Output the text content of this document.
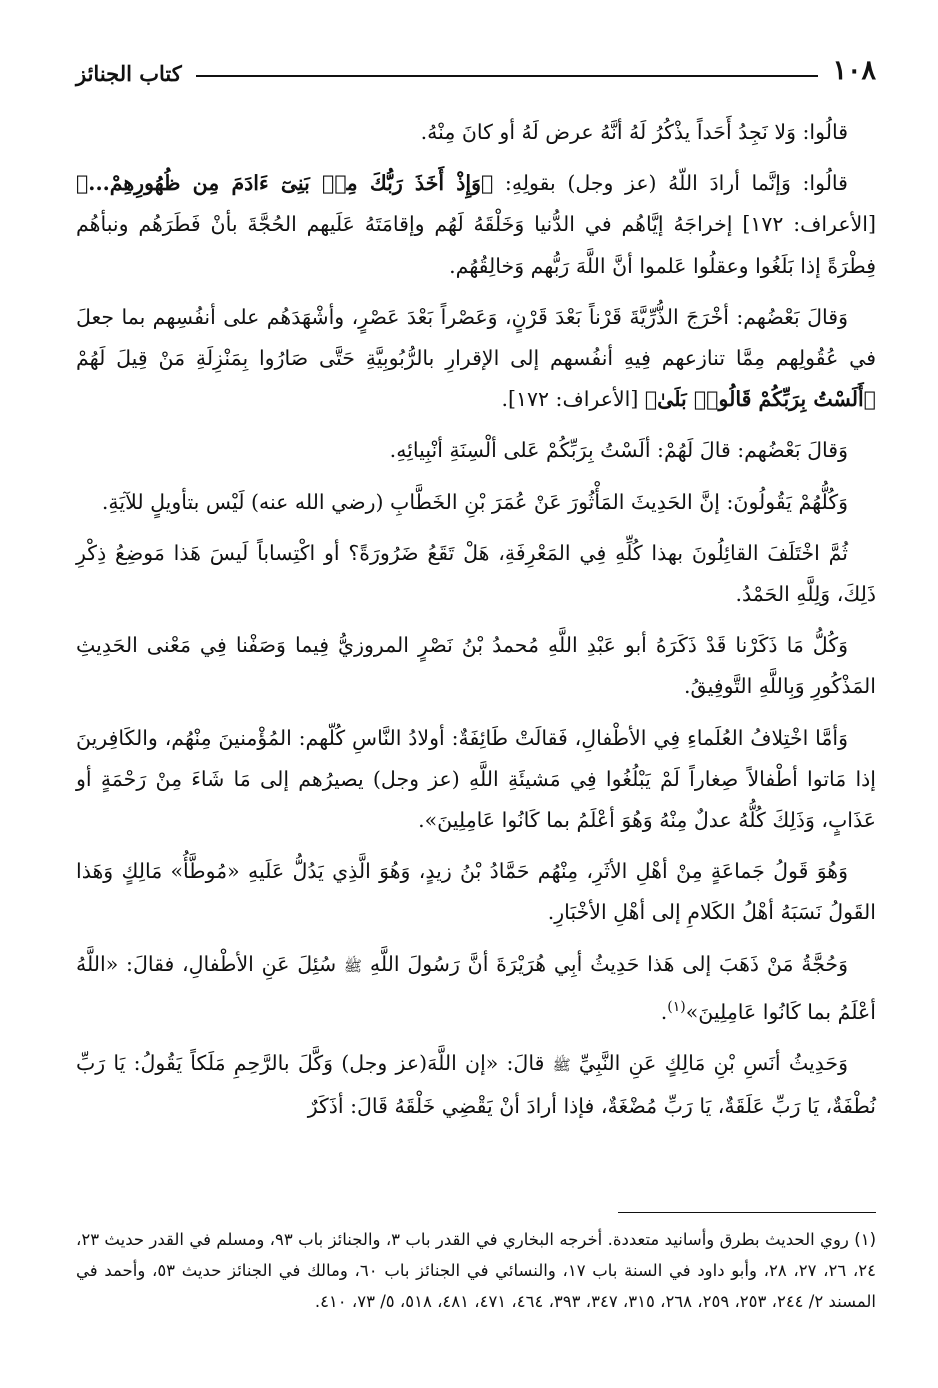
١٠٨
كتاب الجنائز

قالُوا: وَلا نَجِدُ أَحَداً يذْكُرُ لَهُ أنَّهُ عرض لَهُ أو كانَ مِنْهُ.

قالُوا: وَإنَّما أرادَ اللّهُ (عز وجل) بقولِهِ: ﴿وَإِذْ أَخَذَ رَبُّكَ مِنۢ بَنِىٓ ءَادَمَ مِن ظُهُورِهِمْ...﴾ [الأعراف: ١٧٢] إخراجَهُ إيَّاهُم في الدُّنيا وَخَلْقَهُ لَهُم وإقامَتَهُ عَلَيهم الحُجَّةَ بأنْ فَطَرَهُم ونبأهُم فِطْرَةً إذا بَلَغُوا وعقلُوا عَلموا أنَّ اللَّهَ رَبُّهم وَخالِقُهُم.

وَقالَ بَعْضُهم: أخْرَجَ الذُّرِّيَّةَ قَرْناً بَعْدَ قَرْنٍ، وَعَصْراً بَعْدَ عَصْرٍ، وأشْهَدَهُم على أنفُسِهم بما جعلَ في عُقُولِهم مِمَّا تنازعهم فِيهِ أنفُسهم إلى الإقرارِ بالرُّبُوبِيَّةِ حَتَّى صَارُوا بِمَنْزِلَةِ مَنْ قِيلَ لَهُمْ ﴿أَلَسْتُ بِرَبِّكُمْ قَالُوا۟ بَلَىٰ﴾ [الأعراف: ١٧٢].

وَقالَ بَعْضُهم: قالَ لَهُمْ: ألَسْتُ بِرَبِّكُمْ عَلى ألْسِنَةِ أنْبِيائِهِ.

وَكُلُّهُمْ يَقُولُونَ: إنَّ الحَدِيثَ المَأْثُورَ عَنْ عُمَرَ بْنِ الخَطَّابِ (رضي الله عنه) لَيْس بتأويلٍ للآيَةِ.

ثُمَّ اخْتَلَفَ القائِلُونَ بهذا كُلِّهِ فِي المَعْرِفَةِ، هَلْ تَقَعُ ضَرُورَةً؟ أو اكْتِساباً لَيسَ هَذا مَوضِعُ ذِكْرِ ذَلِكَ، وَلِلَّهِ الحَمْدُ.

وَكُلُّ مَا ذَكَرْنا قَدْ ذَكَرَهُ أبو عَبْدِ اللَّهِ مُحمدُ بْنُ نَصْرٍ المروزيُّ فِيما وَصَفْنا فِي مَعْنى الحَدِيثِ المَذْكُورِ وَبِاللَّهِ التَّوفِيقُ.

وَأمَّا اخْتِلافُ العُلَماءِ فِي الأطْفالِ، فَقالَتْ طَائِفَةٌ: أولادُ النَّاسِ كُلّهم: المُؤْمنينَ مِنْهُم، والكَافِرينَ إذا مَاتوا أطْفالاً صِغاراً لَمْ يَبْلُغُوا فِي مَشيئَةِ اللَّهِ (عز وجل) يصيرُهم إلى مَا شَاءَ مِنْ رَحْمَةٍ أو عَذَابٍ، وَذَلِكَ كُلُّهُ عدلٌ مِنْهُ وَهُوَ أعْلَمُ بما كَانُوا عَامِلِينَ».

وَهُوَ قَولُ جَماعَةٍ مِنْ أهْلِ الأثَرِ، مِنْهُم حَمَّادُ بْنُ زيدٍ، وَهُوَ الَّذِي يَدُلُّ عَلَيهِ «مُوطَّأُ» مَالِكٍ وَهَذا القَولُ نَسَبَهُ أهْلُ الكَلامِ إلى أهْلِ الأخْبَارِ.

وَحُجَّةُ مَنْ ذَهَبَ إلى هَذا حَدِيثُ أبِي هُرَيْرَةَ أنَّ رَسُولَ اللَّهِ ﷺ سُئِلَ عَنِ الأطْفالِ، فقالَ: «اللَّهُ أعْلَمُ بما كَانُوا عَامِلِينَ»$^{(١)}$.

وَحَدِيثُ أنَسِ بْنِ مَالِكٍ عَنِ النَّبِيِّ ﷺ قالَ: «إن اللَّهَ(عز وجل) وَكَّلَ بالرَّحِمِ مَلَكاً يَقُولُ: يَا رَبِّ نُطْفَةٌ، يَا رَبِّ عَلَقَةٌ، يَا رَبِّ مُضْغَةٌ، فإذا أرادَ أنْ يَقْضِي خَلْقَهُ قَالَ: أذَكَرٌ

(١) روي الحديث بطرق وأسانيد متعددة. أخرجه البخاري في القدر باب ٣، والجنائز باب ٩٣، ومسلم في القدر حديث ٢٣، ٢٤، ٢٦، ٢٧، ٢٨، وأبو داود في السنة باب ١٧، والنسائي في الجنائز باب ٦٠، ومالك في الجنائز حديث ٥٣، وأحمد في المسند ٢/ ٢٤٤، ٢٥٣، ٢٥٩، ٢٦٨، ٣١٥، ٣٤٧، ٣٩٣، ٤٦٤، ٤٧١، ٤٨١، ٥١٨، ٥/ ٧٣، ٤١٠.
